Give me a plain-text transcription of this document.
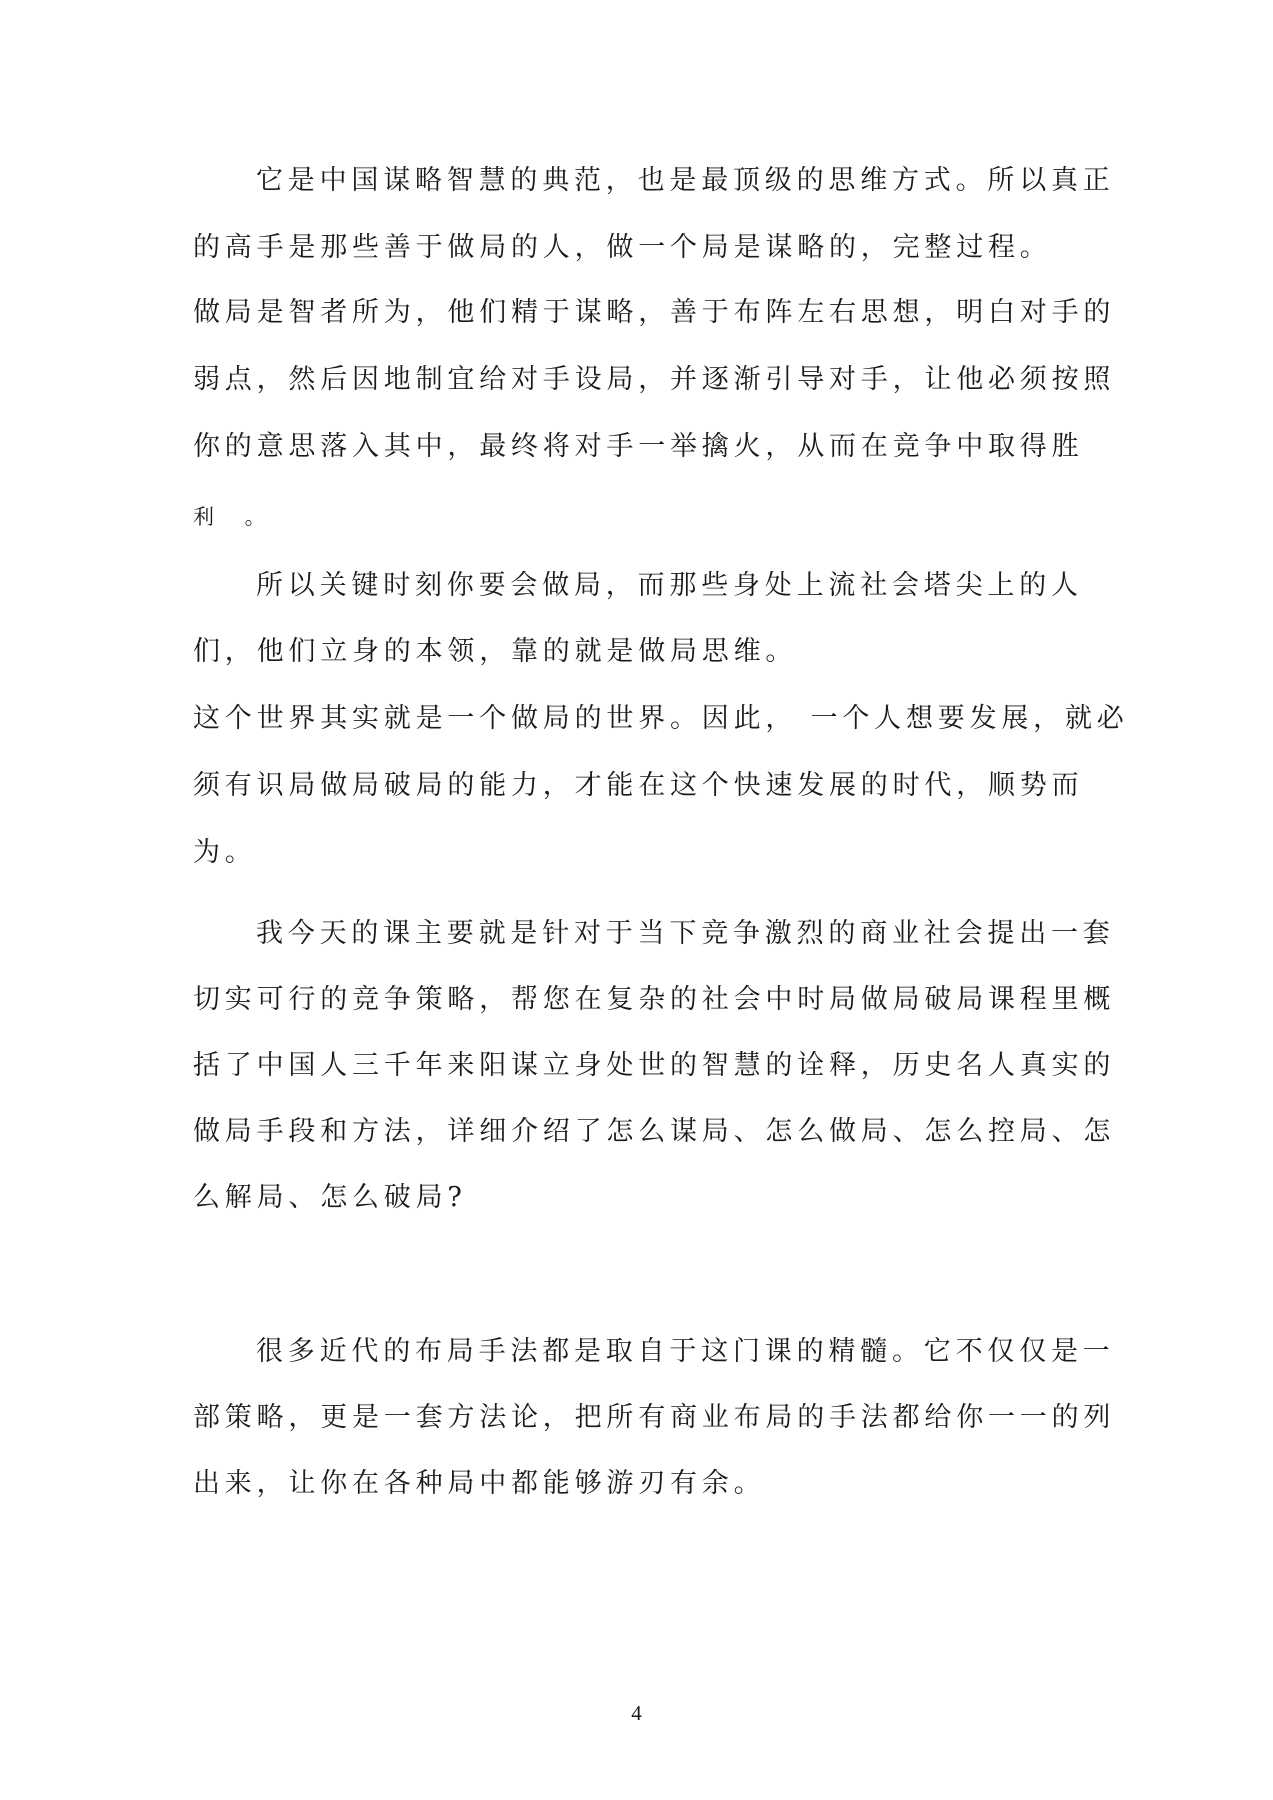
它是中国谋略智慧的典范，也是最顶级的思维方式。所以真正
的高手是那些善于做局的人，做一个局是谋略的，完整过程。
做局是智者所为，他们精于谋略，善于布阵左右思想，明白对手的
弱点，然后因地制宜给对手设局，并逐渐引导对手，让他必须按照
你的意思落入其中，最终将对手一举擒火，从而在竞争中取得胜
利 。
所以关键时刻你要会做局，而那些身处上流社会塔尖上的人
们，他们立身的本领，靠的就是做局思维。
这个世界其实就是一个做局的世界。因此， 一个人想要发展，就必
须有识局做局破局的能力，才能在这个快速发展的时代，顺势而
为。
我今天的课主要就是针对于当下竞争激烈的商业社会提出一套
切实可行的竞争策略，帮您在复杂的社会中时局做局破局课程里概
括了中国人三千年来阳谋立身处世的智慧的诠释，历史名人真实的
做局手段和方法，详细介绍了怎么谋局、怎么做局、怎么控局、怎
么解局、怎么破局?
很多近代的布局手法都是取自于这门课的精髓。它不仅仅是一
部策略，更是一套方法论，把所有商业布局的手法都给你一一的列
出来，让你在各种局中都能够游刃有余。
4
